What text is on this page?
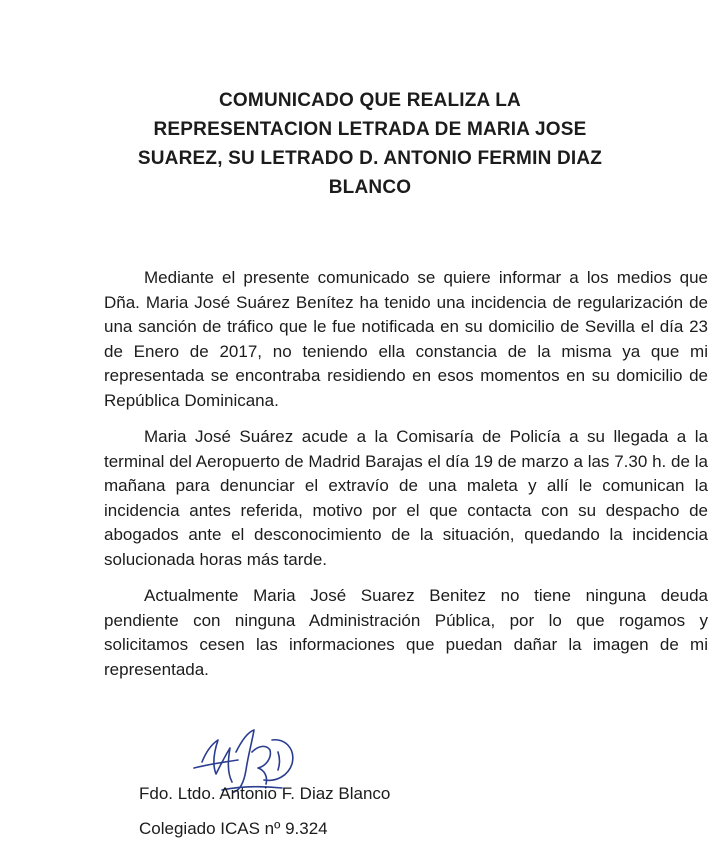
COMUNICADO QUE REALIZA LA
REPRESENTACION LETRADA DE MARIA JOSE
SUAREZ, SU LETRADO D. ANTONIO FERMIN DIAZ
BLANCO

Mediante el presente comunicado se quiere informar a los medios que Dña. Maria José Suárez Benítez ha tenido una incidencia de regularización de una sanción de tráfico que le fue notificada en su domicilio de Sevilla el día 23 de Enero de 2017, no teniendo ella constancia de la misma ya que mi representada se encontraba residiendo en esos momentos en su domicilio de República Dominicana.

Maria José Suárez acude a la Comisaría de Policía a su llegada a la terminal del Aeropuerto de Madrid Barajas el día 19 de marzo a las 7.30 h. de la mañana para denunciar el extravío de una maleta y allí le comunican la incidencia antes referida, motivo por el que contacta con su despacho de abogados ante el desconocimiento de la situación, quedando la incidencia solucionada horas más tarde.

Actualmente Maria José Suarez Benitez no tiene ninguna deuda pendiente con ninguna Administración Pública, por lo que rogamos y solicitamos cesen las informaciones que puedan dañar la imagen de mi representada.

Fdo. Ltdo. Antonio F. Diaz Blanco
Colegiado ICAS nº 9.324
